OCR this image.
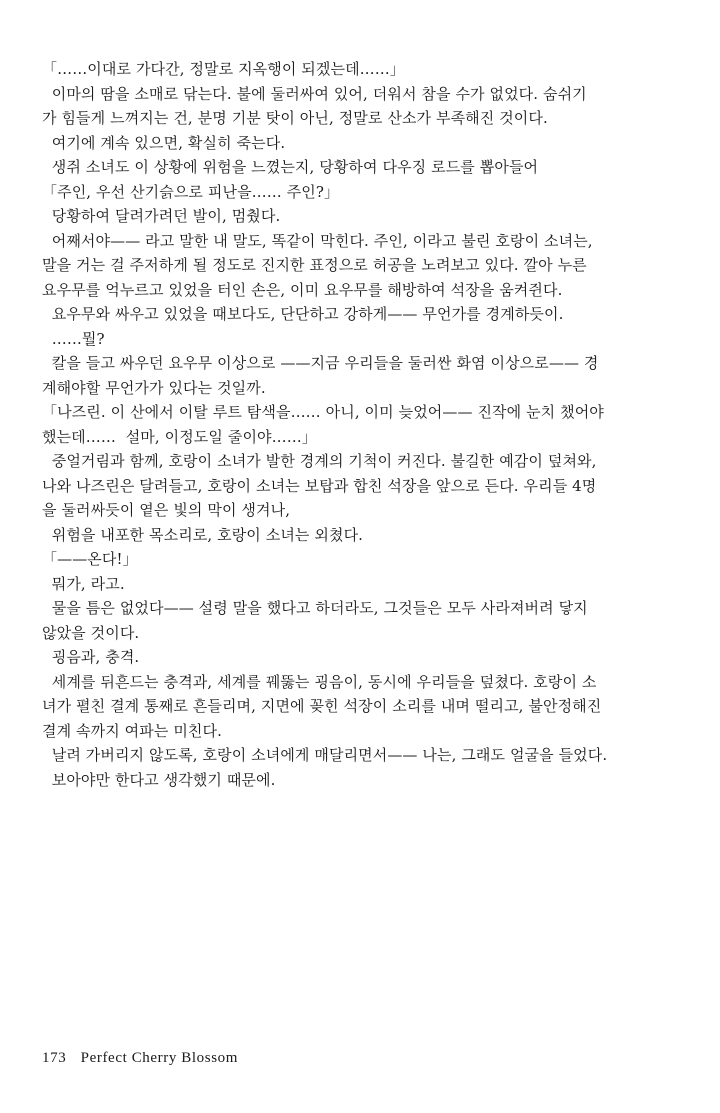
「……이대로 가다간, 정말로 지옥행이 되겠는데……」
이마의 땀을 소매로 닦는다. 불에 둘러싸여 있어, 더워서 참을 수가 없었다. 숨쉬기
가 힘들게 느껴지는 건, 분명 기분 탓이 아닌, 정말로 산소가 부족해진 것이다.
여기에 계속 있으면, 확실히 죽는다.
생쥐 소녀도 이 상황에 위험을 느꼈는지, 당황하여 다우징 로드를 뽑아들어
「주인, 우선 산기슭으로 피난을…… 주인?」
당황하여 달려가려던 발이, 멈췄다.
어째서야—— 라고 말한 내 말도, 똑같이 막힌다. 주인, 이라고 불린 호랑이 소녀는,
말을 거는 걸 주저하게 될 정도로 진지한 표정으로 허공을 노려보고 있다. 깔아 누른
요우무를 억누르고 있었을 터인 손은, 이미 요우무를 해방하여 석장을 움켜쥔다.
요우무와 싸우고 있었을 때보다도, 단단하고 강하게—— 무언가를 경계하듯이.
……뭘?
칼을 들고 싸우던 요우무 이상으로 ——지금 우리들을 둘러싼 화염 이상으로—— 경
계해야할 무언가가 있다는 것일까.
「나즈린. 이 산에서 이탈 루트 탐색을…… 아니, 이미 늦었어—— 진작에 눈치 챘어야
했는데……  설마, 이정도일 줄이야……」
중얼거림과 함께, 호랑이 소녀가 발한 경계의 기척이 커진다. 불길한 예감이 덮쳐와,
나와 나즈린은 달려들고, 호랑이 소녀는 보탑과 합친 석장을 앞으로 든다. 우리들 4명
을 둘러싸듯이 옅은 빛의 막이 생겨나,
위험을 내포한 목소리로, 호랑이 소녀는 외쳤다.
「——온다!」
뭐가, 라고.
물을 틈은 없었다—— 설령 말을 했다고 하더라도, 그것들은 모두 사라져버려 닿지
않았을 것이다.
굉음과, 충격.
세계를 뒤흔드는 충격과, 세계를 꿰뚫는 굉음이, 동시에 우리들을 덮쳤다. 호랑이 소
녀가 펼친 결계 통째로 흔들리며, 지면에 꽂힌 석장이 소리를 내며 떨리고, 불안정해진
결계 속까지 여파는 미친다.
날려 가버리지 않도록, 호랑이 소녀에게 매달리면서—— 나는, 그래도 얼굴을 들었다.
보아야만 한다고 생각했기 때문에.
173 Perfect Cherry Blossom
